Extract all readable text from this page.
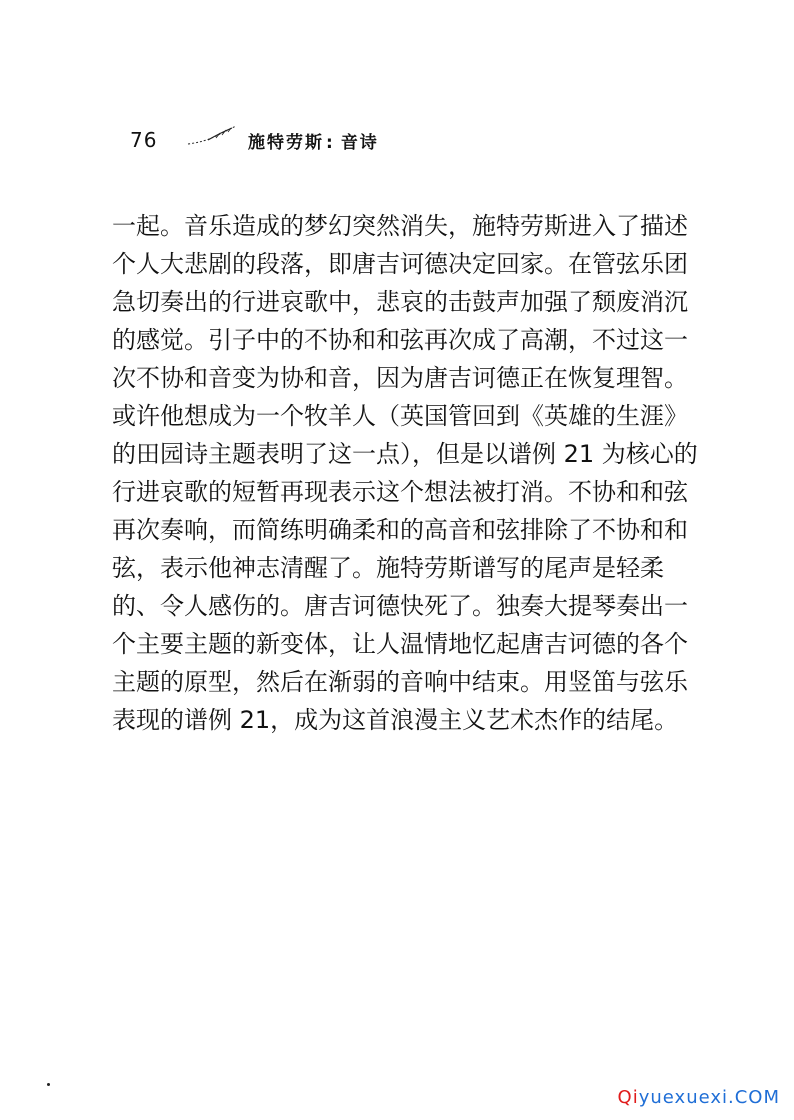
76	施特劳斯 : 音诗
一起。音乐造成的梦幻突然消失，施特劳斯进入了描述
个人大悲剧的段落，即唐吉诃德决定回家。在管弦乐团
急切奏出的行进哀歌中，悲哀的击鼓声加强了颓废消沉
的感觉。引子中的不协和和弦再次成了高潮，不过这一
次不协和音变为协和音，因为唐吉诃德正在恢复理智。
或许他想成为一个牧羊人（英国管回到《英雄的生涯》
的田园诗主题表明了这一点），但是以谱例 21 为核心的
行进哀歌的短暂再现表示这个想法被打消。不协和和弦
再次奏响，而简练明确柔和的高音和弦排除了不协和和
弦，表示他神志清醒了。施特劳斯谱写的尾声是轻柔
的、令人感伤的。唐吉诃德快死了。独奏大提琴奏出一
个主要主题的新变体，让人温情地忆起唐吉诃德的各个
主题的原型，然后在渐弱的音响中结束。用竖笛与弦乐
表现的谱例 21，成为这首浪漫主义艺术杰作的结尾。
Qiyuexuexi.COM
